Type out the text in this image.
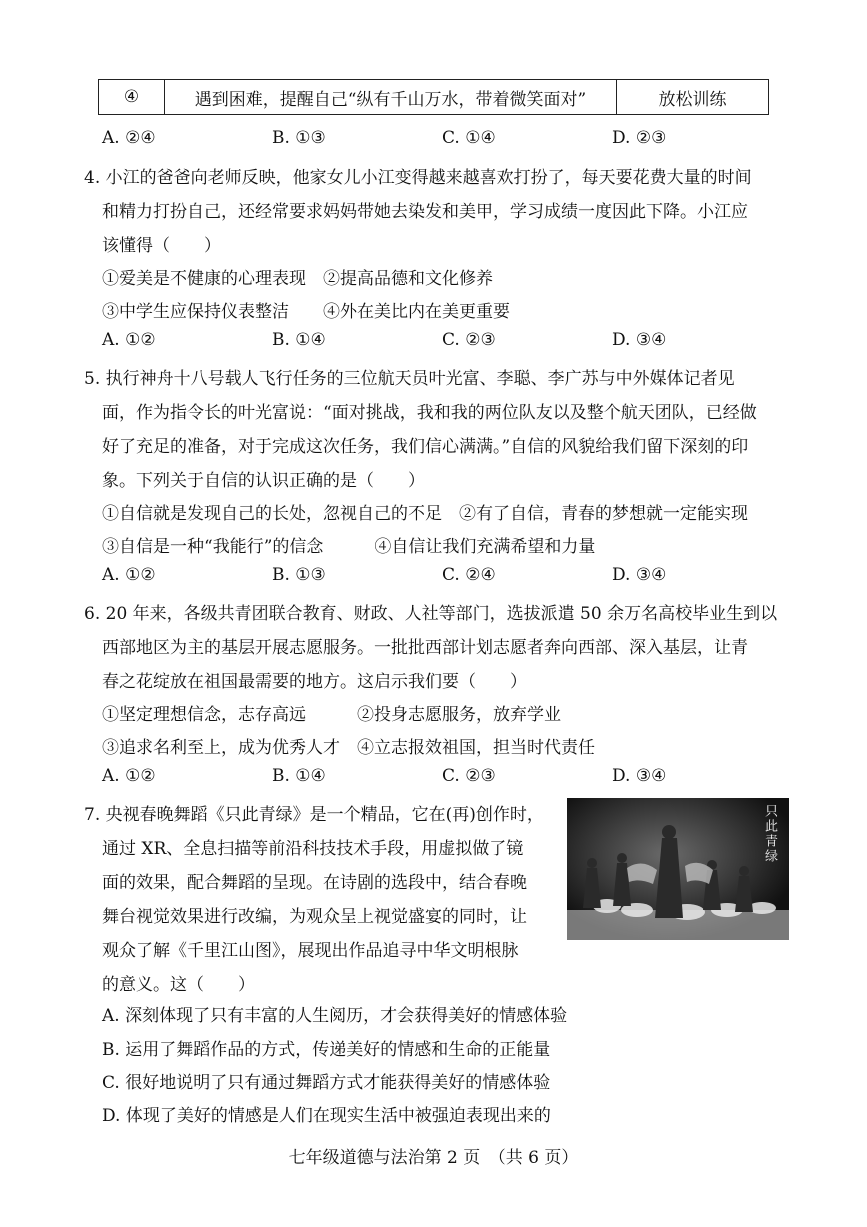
④	遇到困难，提醒自己“纵有千山万水，带着微笑面对”	放松训练
A. ②④	B. ①③	C. ①④	D. ②③
4. 小江的爸爸向老师反映，他家女儿小江变得越来越喜欢打扮了，每天要花费大量的时间
和精力打扮自己，还经常要求妈妈带她去染发和美甲，学习成绩一度因此下降。小江应
该懂得（　　）
①爱美是不健康的心理表现　②提高品德和文化修养
③中学生应保持仪表整洁　　④外在美比内在美更重要
A. ①②	B. ①④	C. ②③	D. ③④
5. 执行神舟十八号载人飞行任务的三位航天员叶光富、李聪、李广苏与中外媒体记者见
面，作为指令长的叶光富说：“面对挑战，我和我的两位队友以及整个航天团队，已经做
好了充足的准备，对于完成这次任务，我们信心满满。”自信的风貌给我们留下深刻的印
象。下列关于自信的认识正确的是（　　）
①自信就是发现自己的长处，忽视自己的不足　②有了自信，青春的梦想就一定能实现
③自信是一种“我能行”的信念　　　④自信让我们充满希望和力量
A. ①②	B. ①③	C. ②④	D. ③④
6. 20 年来，各级共青团联合教育、财政、人社等部门，选拔派遣 50 余万名高校毕业生到以
西部地区为主的基层开展志愿服务。一批批西部计划志愿者奔向西部、深入基层，让青
春之花绽放在祖国最需要的地方。这启示我们要（　　）
①坚定理想信念，志存高远　　　②投身志愿服务，放弃学业
③追求名利至上，成为优秀人才　④立志报效祖国，担当时代责任
A. ①②	B. ①④	C. ②③	D. ③④
7. 央视春晚舞蹈《只此青绿》是一个精品，它在(再)创作时，
通过 XR、全息扫描等前沿科技技术手段，用虚拟做了镜
面的效果，配合舞蹈的呈现。在诗剧的选段中，结合春晚
舞台视觉效果进行改编，为观众呈上视觉盛宴的同时，让
观众了解《千里江山图》，展现出作品追寻中华文明根脉
的意义。这（　　）
只此青绿
A. 深刻体现了只有丰富的人生阅历，才会获得美好的情感体验
B. 运用了舞蹈作品的方式，传递美好的情感和生命的正能量
C. 很好地说明了只有通过舞蹈方式才能获得美好的情感体验
D. 体现了美好的情感是人们在现实生活中被强迫表现出来的
七年级道德与法治第 2 页　（共 6 页）
